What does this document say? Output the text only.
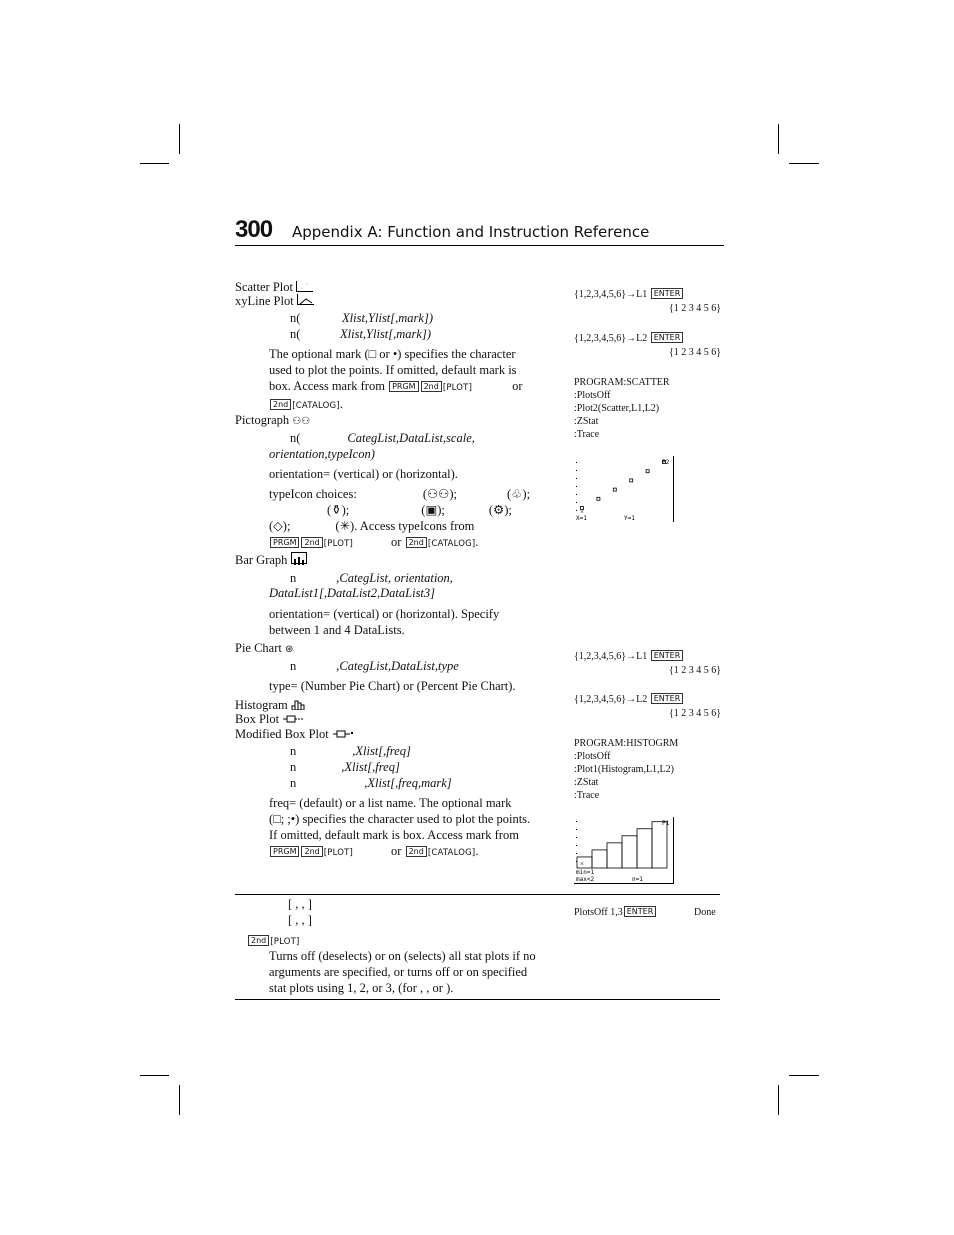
300 Appendix A: Function and Instruction Reference
Scatter Plot ·
·
xyLine Plot
n(	Xlist,Ylist[,mark])
n(	Xlist,Ylist[,mark])
The optional mark (□ or •) specifies the character
used to plot the points. If omitted, default mark is
box. Access mark from PRGM 2nd [PLOT]	or
2nd [CATALOG].
Pictograph ⚇⚇
n(	CategList,DataList,scale,
orientation,typeIcon)
orientation= (vertical) or (horizontal).
typeIcon choices:	(⚇⚇);	(♧);
(⚱);	(▣);	(⚙);
(◇);	(✳). Access typeIcons from
PRGM 2nd [PLOT]	or 2nd [CATALOG].
Bar Graph
n	,CategList, orientation,
DataList1[,DataList2,DataList3]
orientation= (vertical) or (horizontal). Specify
between 1 and 4 DataLists.
Pie Chart ⊛
n	,CategList,DataList,type
type= (Number Pie Chart) or (Percent Pie Chart).
Histogram
Box Plot
Modified Box Plot
n	,Xlist[,freq]
n	,Xlist[,freq]
n	,Xlist[,freq,mark]
freq= (default) or a list name. The optional mark
(□; ;•) specifies the character used to plot the points.
If omitted, default mark is box. Access mark from
PRGM 2nd [PLOT]	or 2nd [CATALOG].
[ , , ]
[ , , ]
2nd [PLOT]
Turns off (deselects) or on (selects) all stat plots if no
arguments are specified, or turns off or on specified
stat plots using 1, 2, or 3, (for , , or ).
{1,2,3,4,5,6}→L1 ENTER
{1 2 3 4 5 6}
{1,2,3,4,5,6}→L2 ENTER
{1 2 3 4 5 6}
PROGRAM:SCATTER
:PlotsOff
:Plot2(Scatter,L1,L2)
:ZStat
:Trace
P2
X=1	Y=1
×
{1,2,3,4,5,6}→L1 ENTER
{1 2 3 4 5 6}
{1,2,3,4,5,6}→L2 ENTER
{1 2 3 4 5 6}
PROGRAM:HISTOGRM
:PlotsOff
:Plot1(Histogram,L1,L2)
:ZStat
:Trace
P1
min=1
max<2	n=1
×
PlotsOff 1,3 ENTER	Done
